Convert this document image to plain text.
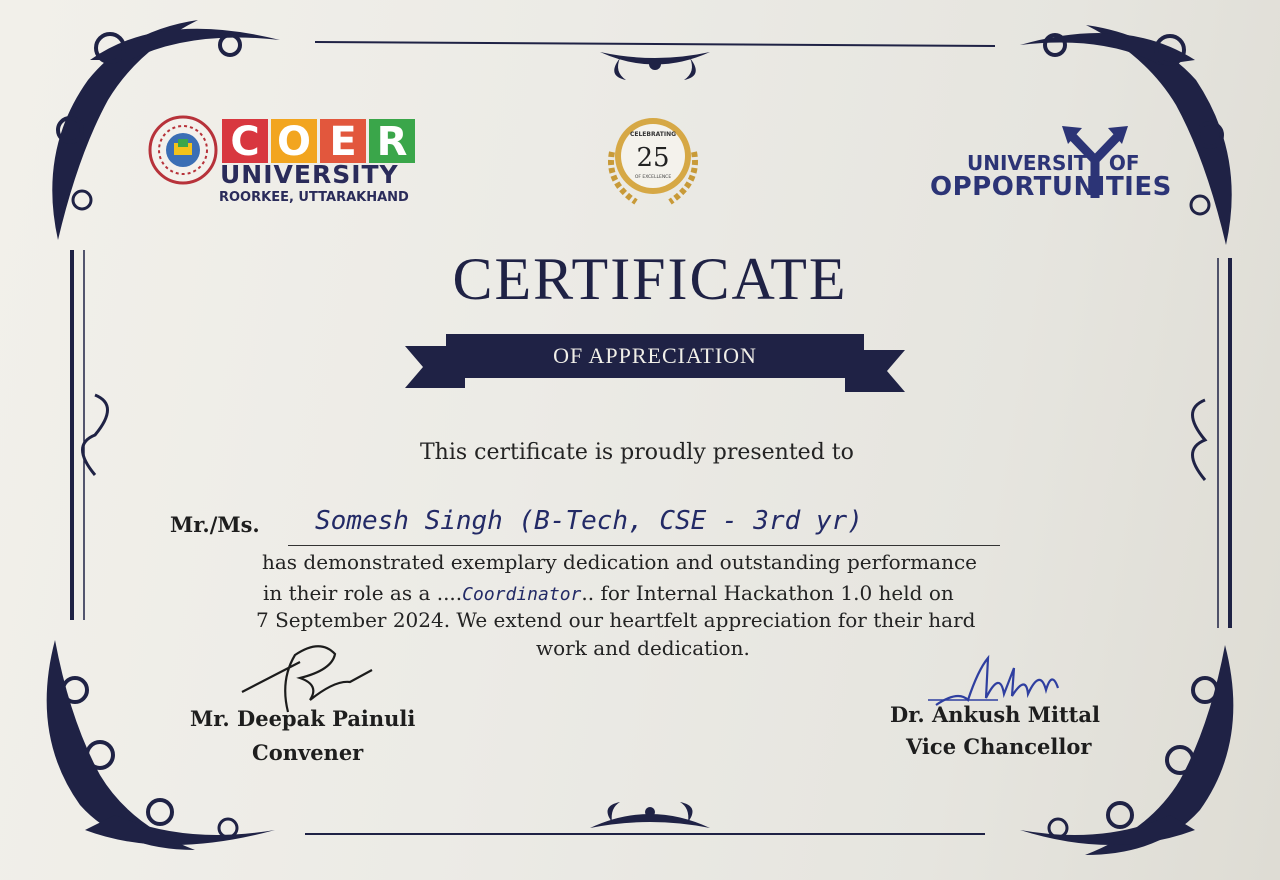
C O E R
UNIVERSITY
ROORKEE, UTTARAKHAND
CELEBRATING
25
OF EXCELLENCE
UNIVERSITY OF
OPPORTUNITIES
CERTIFICATE
OF APPRECIATION
This certificate is proudly presented to
Mr./Ms. Somesh Singh (B-Tech, CSE - 3rd yr)
has demonstrated exemplary dedication and outstanding performance
in their role as a ....Coordinator.. for Internal Hackathon 1.0 held on
7 September 2024. We extend our heartfelt appreciation for their hard
work and dedication.
Mr. Deepak Painuli
Convener
Dr. Ankush Mittal
Vice Chancellor
